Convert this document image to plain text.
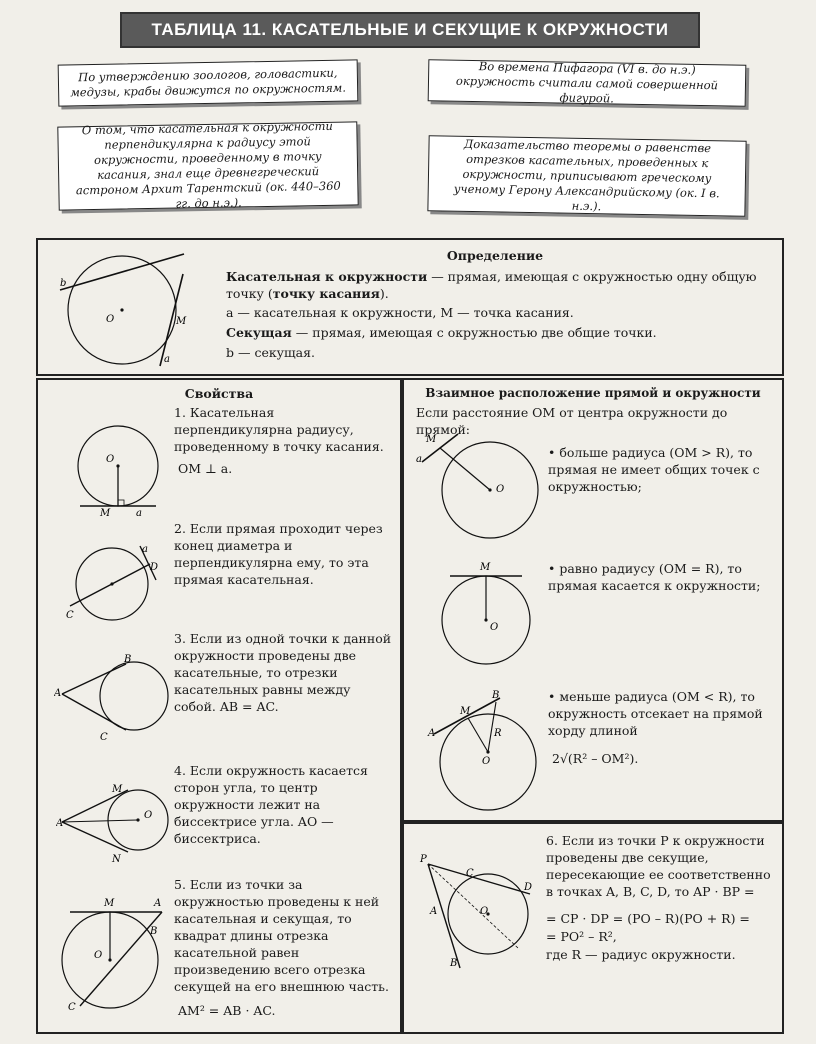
ТАБЛИЦА 11. КАСАТЕЛЬНЫЕ И СЕКУЩИЕ К ОКРУЖНОСТИ
По утверждению зоологов, головастики, медузы, крабы движутся по окружностям.
Во времена Пифагора (VI в. до н.э.) окружность считали самой совершенной фигурой.
О том, что касательная к окружности перпендикулярна к радиусу этой окружности, проведенному в точку касания, знал еще древнегреческий астроном Архит Тарентский (ок. 440–360 гг. до н.э.).
Доказательство теоремы о равенстве отрезков касательных, проведенных к окружности, приписывают греческому ученому Герону Александрийскому (ок. I в. н.э.).
b
O	M
a
Определение
Касательная к окружности — прямая, имеющая с окружностью одну общую точку (точку касания).
a — касательная к окружности, M — точка касания.
Секущая — прямая, имеющая с окружностью две общие точки.
b — секущая.
Свойства
1. Касательная перпендикулярна радиусу, проведенному в точку касания.
OM ⊥ a.
O
M	a
2. Если прямая проходит через конец диаметра и перпендикулярна ему, то эта прямая касательная.
a
D
C
3. Если из одной точки к данной окружности проведены две касательные, то отрезки касательных равны между собой. AB = AC.
A
B
C
4. Если окружность касается сторон угла, то центр окружности лежит на биссектрисе угла. AO — биссектриса.
A
M
O
N
5. Если из точки за окружностью проведены к ней касательная и секущая, то квадрат длины отрезка касательной равен произведению всего отрезка секущей на его внешнюю часть.
AM² = AB · AC.
M	A
B
O
C
Взаимное расположение прямой и окружности
Если расстояние OM от центра окружности до прямой:
• больше радиуса (OM > R), то прямая не имеет общих точек с окружностью;
M
a
O
• равно радиусу (OM = R), то прямая касается к окружности;
M
O
• меньше радиуса (OM < R), то окружность отсекает на прямой хорду длиной
2√(R² – OM²).
B
M
A	R
O
6. Если из точки P к окружности проведены две секущие, пересекающие ее соответственно в точках A, B, C, D, то AP · BP =
= CP · DP = (PO – R)(PO + R) =
= PO² – R²,
где R — радиус окружности.
P
C
D
A	O
B
